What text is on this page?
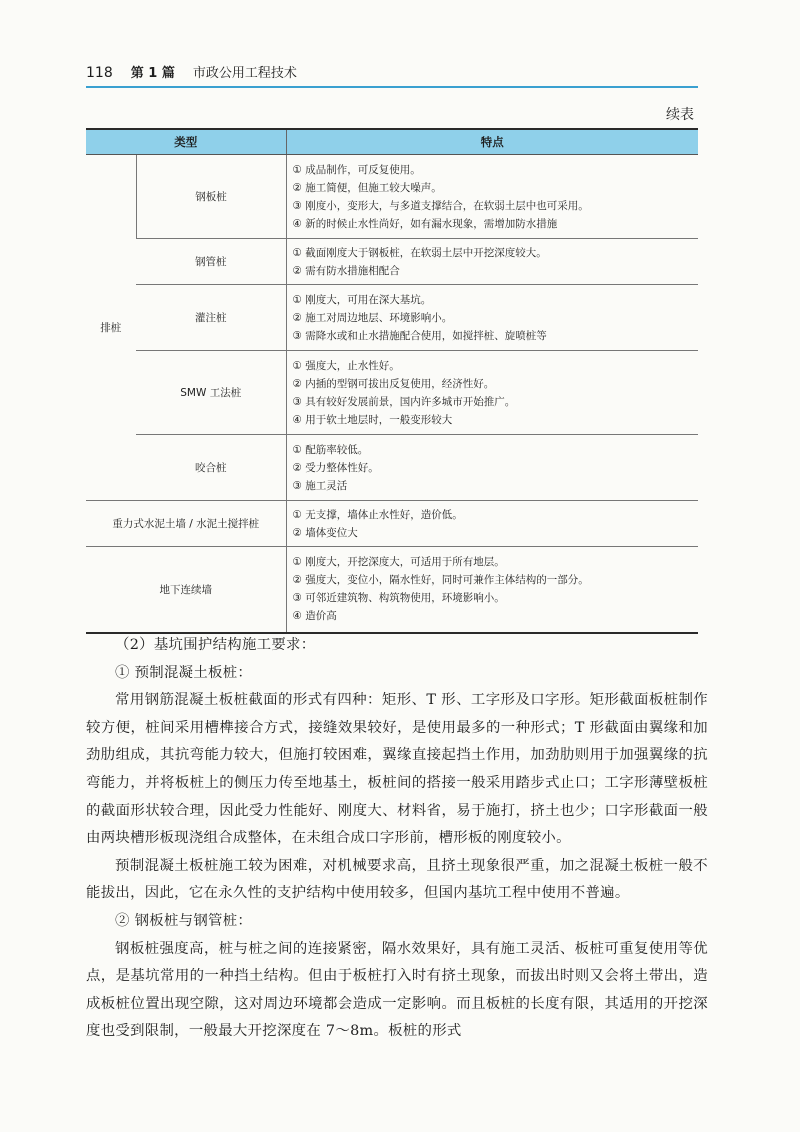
118 第 1 篇 市政公用工程技术
续表
类型		特点
排桩	钢板桩	① 成品制作，可反复使用。
② 施工简便，但施工较大噪声。
③ 刚度小，变形大，与多道支撑结合，在软弱土层中也可采用。
④ 新的时候止水性尚好，如有漏水现象，需增加防水措施

	钢管桩	① 截面刚度大于钢板桩，在软弱土层中开挖深度较大。
② 需有防水措施相配合

	灌注桩	① 刚度大，可用在深大基坑。
② 施工对周边地层、环境影响小。
③ 需降水或和止水措施配合使用，如搅拌桩、旋喷桩等

	SMW 工法桩	① 强度大，止水性好。
② 内插的型钢可拔出反复使用，经济性好。
③ 具有较好发展前景，国内许多城市开始推广。
④ 用于软土地层时，一般变形较大

	咬合桩	① 配筋率较低。
② 受力整体性好。
③ 施工灵活

重力式水泥土墙 / 水泥土搅拌桩		① 无支撑，墙体止水性好，造价低。
② 墙体变位大

地下连续墙		① 刚度大，开挖深度大，可适用于所有地层。
② 强度大，变位小，隔水性好，同时可兼作主体结构的一部分。
③ 可邻近建筑物、构筑物使用，环境影响小。
④ 造价高

（2）基坑围护结构施工要求：

① 预制混凝土板桩：

常用钢筋混凝土板桩截面的形式有四种：矩形、T 形、工字形及口字形。矩形截面板桩制作较方便，桩间采用槽榫接合方式，接缝效果较好，是使用最多的一种形式；T 形截面由翼缘和加劲肋组成，其抗弯能力较大，但施打较困难，翼缘直接起挡土作用，加劲肋则用于加强翼缘的抗弯能力，并将板桩上的侧压力传至地基土，板桩间的搭接一般采用踏步式止口；工字形薄壁板桩的截面形状较合理，因此受力性能好、刚度大、材料省，易于施打，挤土也少；口字形截面一般由两块槽形板现浇组合成整体，在未组合成口字形前，槽形板的刚度较小。

预制混凝土板桩施工较为困难，对机械要求高，且挤土现象很严重，加之混凝土板桩一般不能拔出，因此，它在永久性的支护结构中使用较多，但国内基坑工程中使用不普遍。

② 钢板桩与钢管桩：

钢板桩强度高，桩与桩之间的连接紧密，隔水效果好，具有施工灵活、板桩可重复使用等优点，是基坑常用的一种挡土结构。但由于板桩打入时有挤土现象，而拔出时则又会将土带出，造成板桩位置出现空隙，这对周边环境都会造成一定影响。而且板桩的长度有限，其适用的开挖深度也受到限制，一般最大开挖深度在 7～8m。板桩的形式
